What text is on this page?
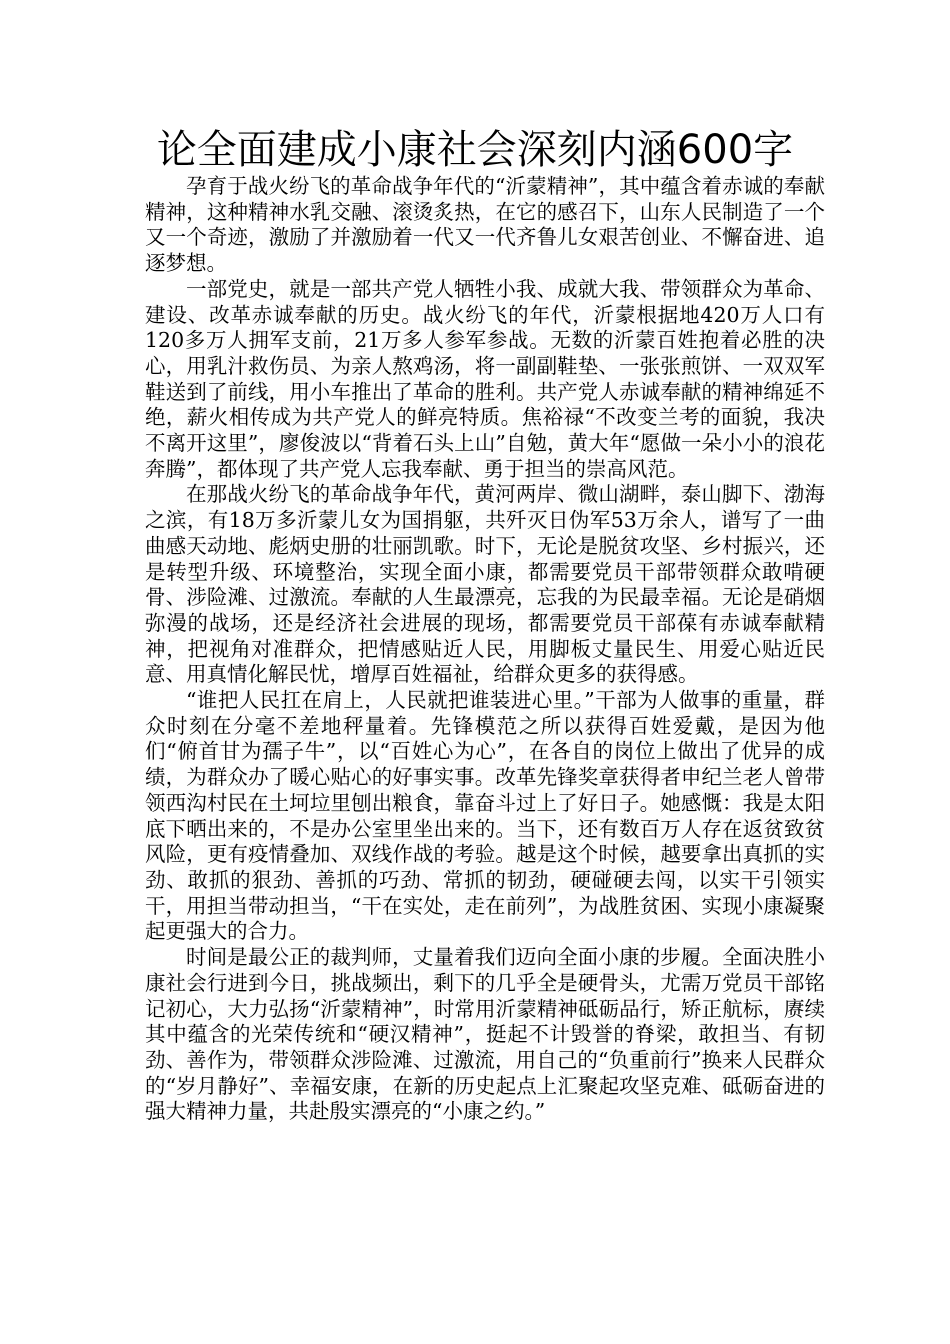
论全面建成小康社会深刻内涵600字

孕育于战火纷飞的革命战争年代的“沂蒙精神”，其中蕴含着赤诚的奉献精神，这种精神水乳交融、滚烫炙热，在它的感召下，山东人民制造了一个又一个奇迹，激励了并激励着一代又一代齐鲁儿女艰苦创业、不懈奋进、追逐梦想。

一部党史，就是一部共产党人牺牲小我、成就大我、带领群众为革命、建设、改革赤诚奉献的历史。战火纷飞的年代，沂蒙根据地420万人口有120多万人拥军支前，21万多人参军参战。无数的沂蒙百姓抱着必胜的决心，用乳汁救伤员、为亲人熬鸡汤，将一副副鞋垫、一张张煎饼、一双双军鞋送到了前线，用小车推出了革命的胜利。共产党人赤诚奉献的精神绵延不绝，薪火相传成为共产党人的鲜亮特质。焦裕禄“不改变兰考的面貌，我决不离开这里”，廖俊波以“背着石头上山”自勉，黄大年“愿做一朵小小的浪花奔腾”，都体现了共产党人忘我奉献、勇于担当的崇高风范。

在那战火纷飞的革命战争年代，黄河两岸、微山湖畔，泰山脚下、渤海之滨，有18万多沂蒙儿女为国捐躯，共歼灭日伪军53万余人，谱写了一曲曲感天动地、彪炳史册的壮丽凯歌。时下，无论是脱贫攻坚、乡村振兴，还是转型升级、环境整治，实现全面小康，都需要党员干部带领群众敢啃硬骨、涉险滩、过激流。奉献的人生最漂亮，忘我的为民最幸福。无论是硝烟弥漫的战场，还是经济社会进展的现场，都需要党员干部葆有赤诚奉献精神，把视角对准群众，把情感贴近人民，用脚板丈量民生、用爱心贴近民意、用真情化解民忧，增厚百姓福祉，给群众更多的获得感。

“谁把人民扛在肩上，人民就把谁装进心里。”干部为人做事的重量，群众时刻在分毫不差地秤量着。先锋模范之所以获得百姓爱戴，是因为他们“俯首甘为孺子牛”，以“百姓心为心”，在各自的岗位上做出了优异的成绩，为群众办了暖心贴心的好事实事。改革先锋奖章获得者申纪兰老人曾带领西沟村民在土坷垃里刨出粮食，靠奋斗过上了好日子。她感慨：我是太阳底下晒出来的，不是办公室里坐出来的。当下，还有数百万人存在返贫致贫风险，更有疫情叠加、双线作战的考验。越是这个时候，越要拿出真抓的实劲、敢抓的狠劲、善抓的巧劲、常抓的韧劲，硬碰硬去闯，以实干引领实干，用担当带动担当，“干在实处，走在前列”，为战胜贫困、实现小康凝聚起更强大的合力。

时间是最公正的裁判师，丈量着我们迈向全面小康的步履。全面决胜小康社会行进到今日，挑战频出，剩下的几乎全是硬骨头，尤需万党员干部铭记初心，大力弘扬“沂蒙精神”，时常用沂蒙精神砥砺品行，矫正航标，赓续其中蕴含的光荣传统和“硬汉精神”，挺起不计毁誉的脊梁，敢担当、有韧劲、善作为，带领群众涉险滩、过激流，用自己的“负重前行”换来人民群众的“岁月静好”、幸福安康，在新的历史起点上汇聚起攻坚克难、砥砺奋进的强大精神力量，共赴殷实漂亮的“小康之约。”
